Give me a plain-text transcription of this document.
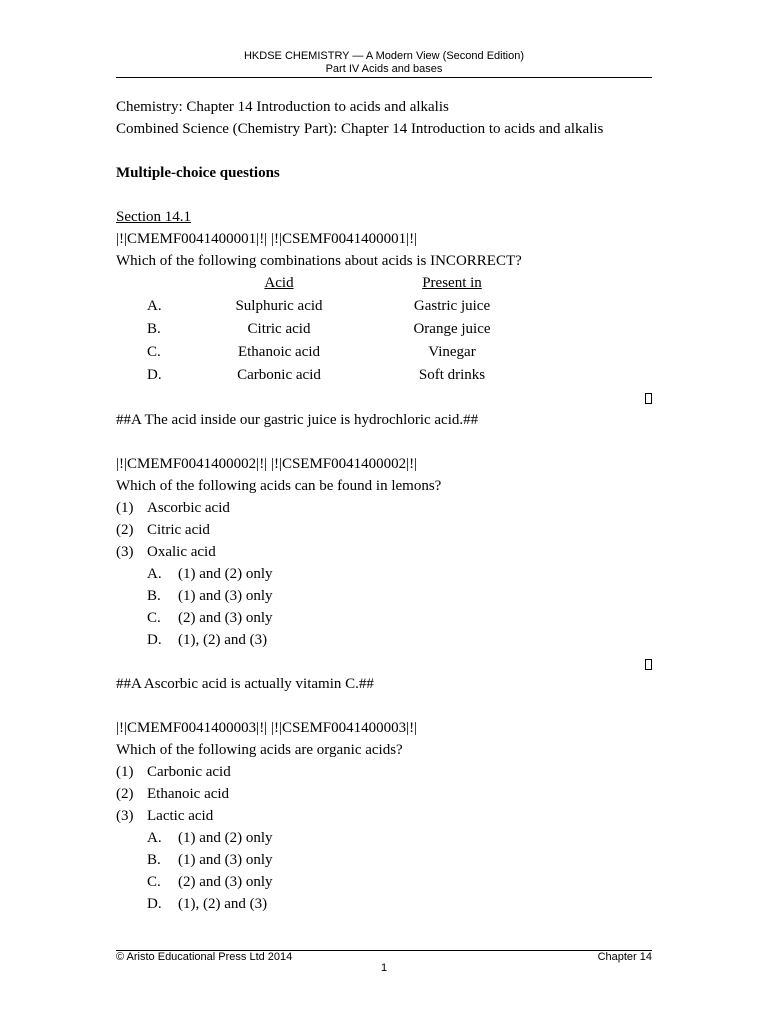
HKDSE CHEMISTRY — A Modern View (Second Edition)
Part IV Acids and bases
Chemistry: Chapter 14 Introduction to acids and alkalis
Combined Science (Chemistry Part): Chapter 14 Introduction to acids and alkalis
Multiple-choice questions
Section 14.1
|!|CMEMF0041400001|!| |!|CSEMF0041400001|!|
Which of the following combinations about acids is INCORRECT?
Acid	Present in
A.	Sulphuric acid	Gastric juice
B.	Citric acid	Orange juice
C.	Ethanoic acid	Vinegar
D.	Carbonic acid	Soft drinks
##A The acid inside our gastric juice is hydrochloric acid.##
|!|CMEMF0041400002|!| |!|CSEMF0041400002|!|
Which of the following acids can be found in lemons?
(1) Ascorbic acid
(2) Citric acid
(3) Oxalic acid
A. (1) and (2) only
B. (1) and (3) only
C. (2) and (3) only
D. (1), (2) and (3)
##A Ascorbic acid is actually vitamin C.##
|!|CMEMF0041400003|!| |!|CSEMF0041400003|!|
Which of the following acids are organic acids?
(1) Carbonic acid
(2) Ethanoic acid
(3) Lactic acid
A. (1) and (2) only
B. (1) and (3) only
C. (2) and (3) only
D. (1), (2) and (3)
© Aristo Educational Press Ltd 2014	Chapter 14
1
